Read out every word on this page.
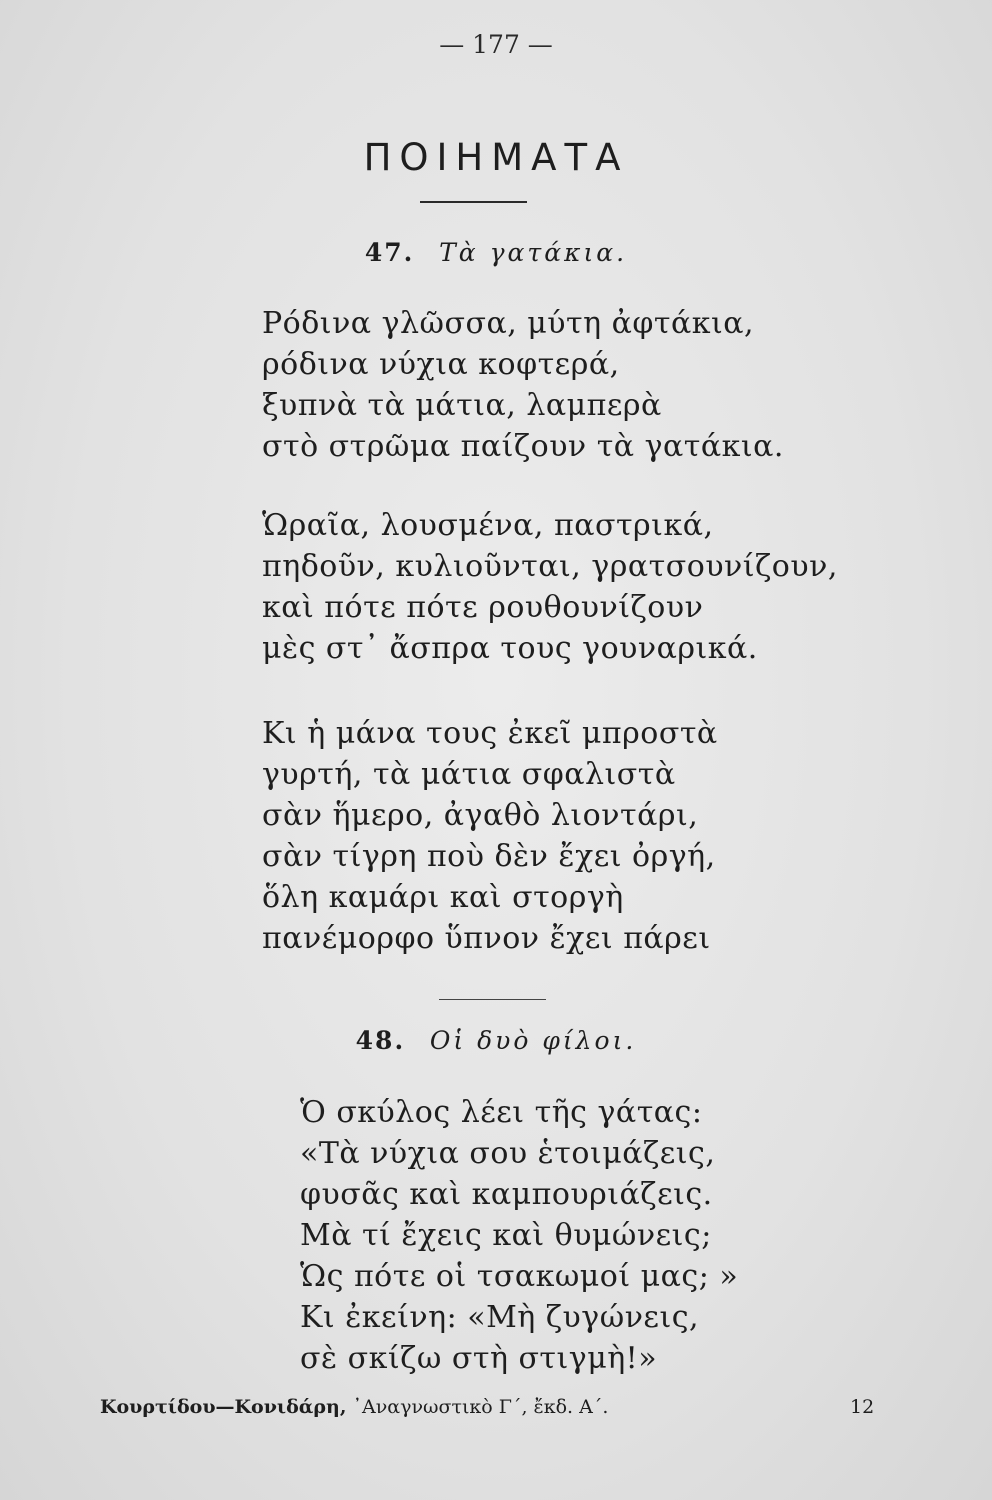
— 177 —
ΠΟΙΗΜΑΤΑ
47. Τὰ γατάκια.
Ρόδινα γλῶσσα, μύτη ἀφτάκια,
ρόδινα νύχια κοφτερά,
ξυπνὰ τὰ μάτια, λαμπερὰ
στὸ στρῶμα παίζουν τὰ γατάκια.
Ὡραῖα, λουσμένα, παστρικά,
πηδοῦν, κυλιοῦνται, γρατσουνίζουν,
καὶ πότε πότε ρουθουνίζουν
μὲς στ᾽ ἄσπρα τους γουναρικά.
Κι ἡ μάνα τους ἐκεῖ μπροστὰ
γυρτή, τὰ μάτια σφαλιστὰ
σὰν ἥμερο, ἀγαθὸ λιοντάρι,
σὰν τίγρη ποὺ δὲν ἔχει ὀργή,
ὅλη καμάρι καὶ στοργὴ
πανέμορφο ὕπνον ἔχει πάρει
48. Οἱ δυὸ φίλοι.
Ὁ σκύλος λέει τῆς γάτας:
«Τὰ νύχια σου ἑτοιμάζεις,
φυσᾶς καὶ καμπουριάζεις.
Μὰ τί ἔχεις καὶ θυμώνεις;
Ὡς πότε οἱ τσακωμοί μας; »
Κι ἐκείνη: «Μὴ ζυγώνεις,
σὲ σκίζω στὴ στιγμὴ!»
Κουρτίδου—Κονιδάρη, ᾽Αναγνωστικὸ Γ΄, ἔκδ. Α΄.	12
